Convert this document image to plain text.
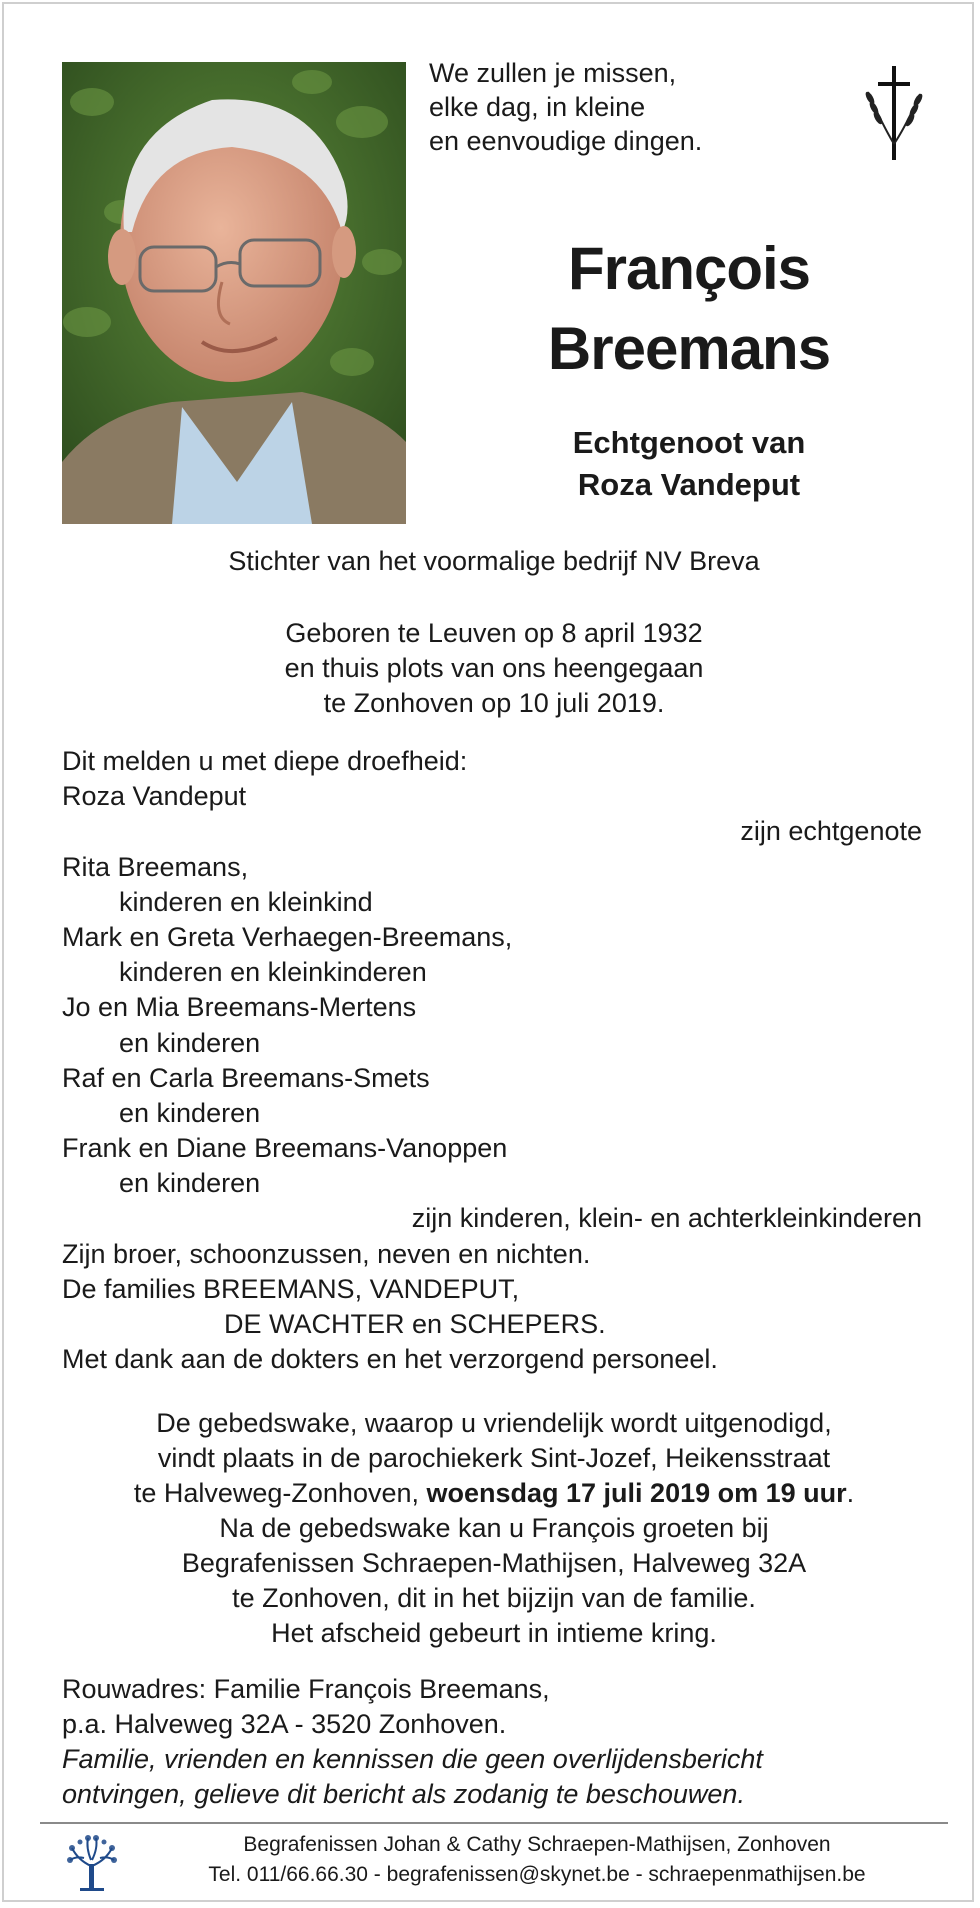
We zullen je missen,
elke dag, in kleine
en eenvoudige dingen.
François
Breemans
Echtgenoot van
Roza Vandeput
Stichter van het voormalige bedrijf NV Breva
Geboren te Leuven op 8 april 1932
en thuis plots van ons heengegaan
te Zonhoven op 10 juli 2019.
Dit melden u met diepe droefheid:
Roza Vandeput
zijn echtgenote
Rita Breemans,
kinderen en kleinkind
Mark en Greta Verhaegen-Breemans,
kinderen en kleinkinderen
Jo en Mia Breemans-Mertens
en kinderen
Raf en Carla Breemans-Smets
en kinderen
Frank en Diane Breemans-Vanoppen
en kinderen
zijn kinderen, klein- en achterkleinkinderen
Zijn broer, schoonzussen, neven en nichten.
De families BREEMANS, VANDEPUT,
DE WACHTER en SCHEPERS.
Met dank aan de dokters en het verzorgend personeel.
De gebedswake, waarop u vriendelijk wordt uitgenodigd,
vindt plaats in de parochiekerk Sint-Jozef, Heikensstraat
te Halveweg-Zonhoven, woensdag 17 juli 2019 om 19 uur.
Na de gebedswake kan u François groeten bij
Begrafenissen Schraepen-Mathijsen, Halveweg 32A
te Zonhoven, dit in het bijzijn van de familie.
Het afscheid gebeurt in intieme kring.
Rouwadres: Familie François Breemans,
p.a. Halveweg 32A - 3520 Zonhoven.
Familie, vrienden en kennissen die geen overlijdensbericht
ontvingen, gelieve dit bericht als zodanig te beschouwen.
Begrafenissen Johan & Cathy Schraepen-Mathijsen, Zonhoven
Tel. 011/66.66.30 - begrafenissen@skynet.be - schraepenmathijsen.be
